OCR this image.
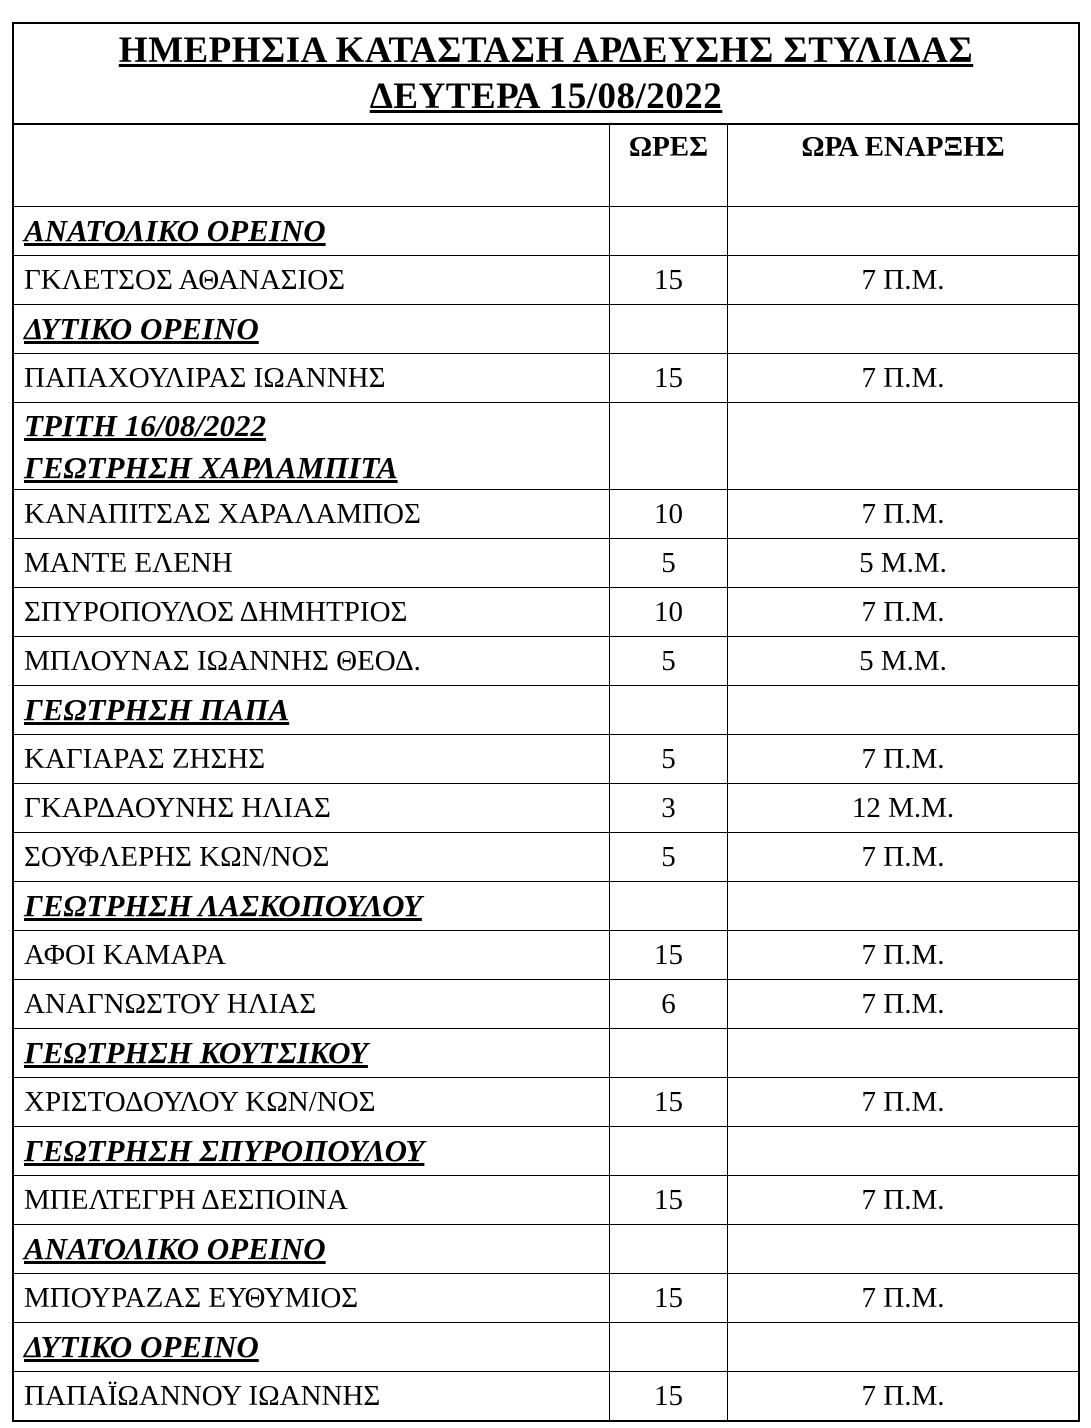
ΗΜΕΡΗΣΙΑ ΚΑΤΑΣΤΑΣΗ ΑΡΔΕΥΣΗΣ ΣΤΥΛΙΔΑΣ
ΔΕΥΤΕΡΑ 15/08/2022
	ΩΡΕΣ	ΩΡΑ ΕΝΑΡΞΗΣ
ΑΝΑΤΟΛΙΚΟ ΟΡΕΙΝΟ		
ΓΚΛΕΤΣΟΣ ΑΘΑΝΑΣΙΟΣ	15	7 Π.Μ.
ΔΥΤΙΚΟ ΟΡΕΙΝΟ		
ΠΑΠΑΧΟΥΛΙΡΑΣ ΙΩΑΝΝΗΣ	15	7 Π.Μ.

ΤΡΙΤΗ 16/08/2022
ΓΕΩΤΡΗΣΗ ΧΑΡΛΑΜΠΙΤΑ		

ΚΑΝΑΠΙΤΣΑΣ ΧΑΡΑΛΑΜΠΟΣ	10	7 Π.Μ.
ΜΑΝΤΕ ΕΛΕΝΗ	5	5 Μ.Μ.
ΣΠΥΡΟΠΟΥΛΟΣ ΔΗΜΗΤΡΙΟΣ	10	7 Π.Μ.
ΜΠΛΟΥΝΑΣ ΙΩΑΝΝΗΣ ΘΕΟΔ.	5	5 Μ.Μ.
ΓΕΩΤΡΗΣΗ ΠΑΠΑ		
ΚΑΓΙΑΡΑΣ ΖΗΣΗΣ	5	7 Π.Μ.
ΓΚΑΡΔΑΟΥΝΗΣ ΗΛΙΑΣ	3	12 Μ.Μ.
ΣΟΥΦΛΕΡΗΣ ΚΩΝ/ΝΟΣ	5	7 Π.Μ.
ΓΕΩΤΡΗΣΗ ΛΑΣΚΟΠΟΥΛΟΥ		
ΑΦΟΙ ΚΑΜΑΡΑ	15	7 Π.Μ.
ΑΝΑΓΝΩΣΤΟΥ ΗΛΙΑΣ	6	7 Π.Μ.
ΓΕΩΤΡΗΣΗ ΚΟΥΤΣΙΚΟΥ		
ΧΡΙΣΤΟΔΟΥΛΟΥ ΚΩΝ/ΝΟΣ	15	7 Π.Μ.
ΓΕΩΤΡΗΣΗ ΣΠΥΡΟΠΟΥΛΟΥ		
ΜΠΕΛΤΕΓΡΗ ΔΕΣΠΟΙΝΑ	15	7 Π.Μ.
ΑΝΑΤΟΛΙΚΟ ΟΡΕΙΝΟ		
ΜΠΟΥΡΑΖΑΣ ΕΥΘΥΜΙΟΣ	15	7 Π.Μ.
ΔΥΤΙΚΟ ΟΡΕΙΝΟ		
ΠΑΠΑΪΩΑΝΝΟΥ ΙΩΑΝΝΗΣ	15	7 Π.Μ.
